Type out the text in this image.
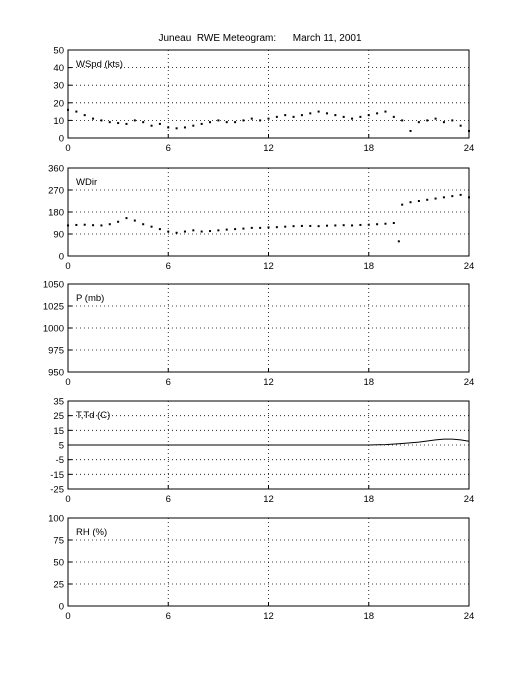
Juneau  RWE Meteogram:      March 11, 2001
0	6	12	18	24
0
10
20
30
40
50
WSpd (kts)
0	6	12	18	24
0
90
180
270
360
WDir
0	6	12	18	24
950
975
1000
1025
1050
P (mb)
0	6	12	18	24
-25
-15
-5
5
15
25
35
T,Td (C)
0	6	12	18	24
0
25
50
75
100
RH (%)
